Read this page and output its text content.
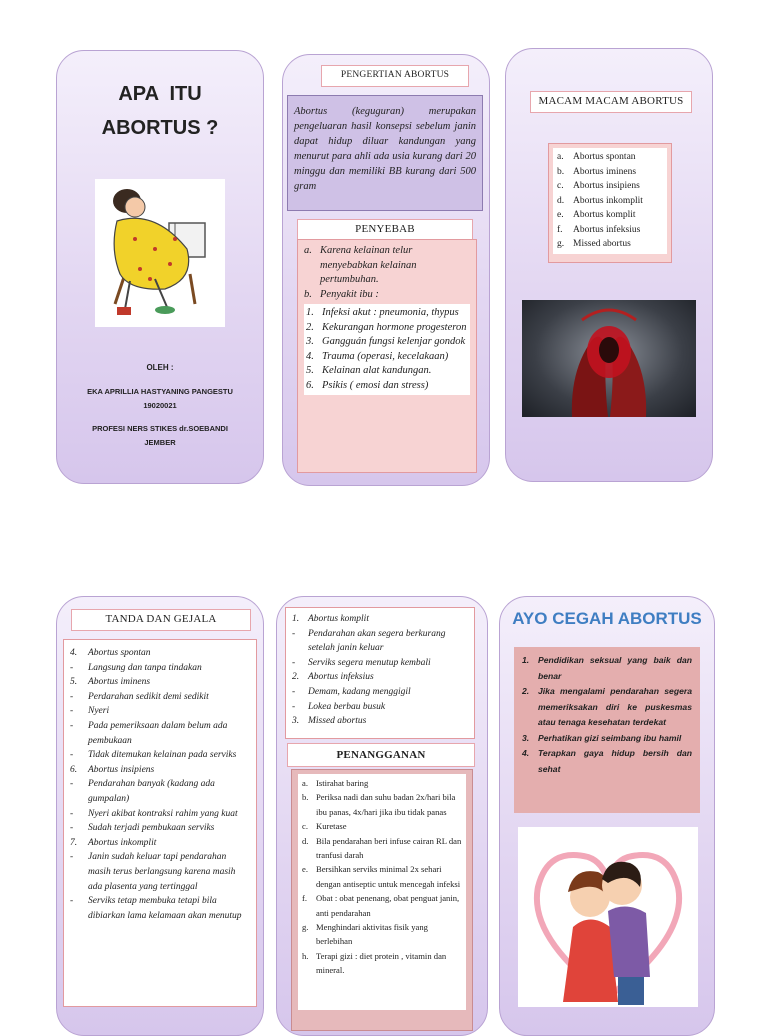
APA  ITU
ABORTUS ?
OLEH :
EKA APRILLIA HASTYANING PANGESTU
19020021
PROFESI NERS STIKES dr.SOEBANDI
JEMBER
PENGERTIAN ABORTUS
Abortus (keguguran) merupakan pengeluaran hasil konsepsi sebelum janin dapat hidup diluar kandungan yang menurut para ahli ada usia kurang dari 20 minggu dan memiliki BB kurang dari 500 gram
PENYEBAB
a. Karena kelainan telur menyebabkan kelainan pertumbuhan.
b. Penyakit ibu :
1. Infeksi akut : pneumonia, thypus
2. Kekurangan hormone progesteron
3. Gangguán fungsi kelenjar gondok
4. Trauma (operasi, kecelakaan)
5. Kelainan alat kandungan.
6. Psikis ( emosi dan stress)
MACAM MACAM ABORTUS
a. Abortus spontan
b. Abortus iminens
c. Abortus insipiens
d. Abortus inkomplit
e. Abortus komplit
f.	Abortus infeksius
g. Missed abortus
TANDA DAN GEJALA
4.	Abortus spontan
-	Langsung dan tanpa tindakan
5.	Abortus iminens
-	Perdarahan sedikit demi sedikit
-	Nyeri
-	Pada pemeriksaan dalam belum ada pembukaan
-	Tidak ditemukan kelainan pada serviks
6.	Abortus insipiens
-	Pendarahan banyak (kadang ada gumpalan)
-	Nyeri akibat kontraksi rahim yang kuat
-	Sudah terjadi pembukaan serviks
7.	Abortus inkomplit
-	Janin sudah keluar tapi pendarahan masih terus berlangsung karena masih ada plasenta yang tertinggal
-	Serviks tetap membuka tetapi bila dibiarkan lama kelamaan akan menutup
1. Abortus komplit
-	Pendarahan akan segera berkurang setelah janin keluar
-	Serviks segera menutup kembali
2. Abortus infeksius
-	Demam, kadang menggigil
-	Lokea berbau busuk
3. Missed abortus
PENANGGANAN
a. Istirahat baring
b. Periksa nadi dan suhu badan 2x/hari bila ibu panas, 4x/hari jika ibu tidak panas
c. Kuretase
d. Bila pendarahan beri infuse cairan RL dan tranfusi darah
e. Bersihkan serviks minimal 2x sehari dengan antiseptic untuk mencegah infeksi
f.	Obat : obat penenang, obat penguat janin, anti pendarahan
g. Menghindari aktivitas fisik yang berlebihan
h. Terapi gizi : diet protein , vitamin dan mineral.
AYO CEGAH ABORTUS
1.	Pendidikan seksual yang baik dan benar
2.	Jika mengalami pendarahan segera memeriksakan diri ke puskesmas atau tenaga kesehatan terdekat
3.	Perhatikan gizi seimbang ibu hamil
4.	Terapkan gaya hidup bersih dan sehat
